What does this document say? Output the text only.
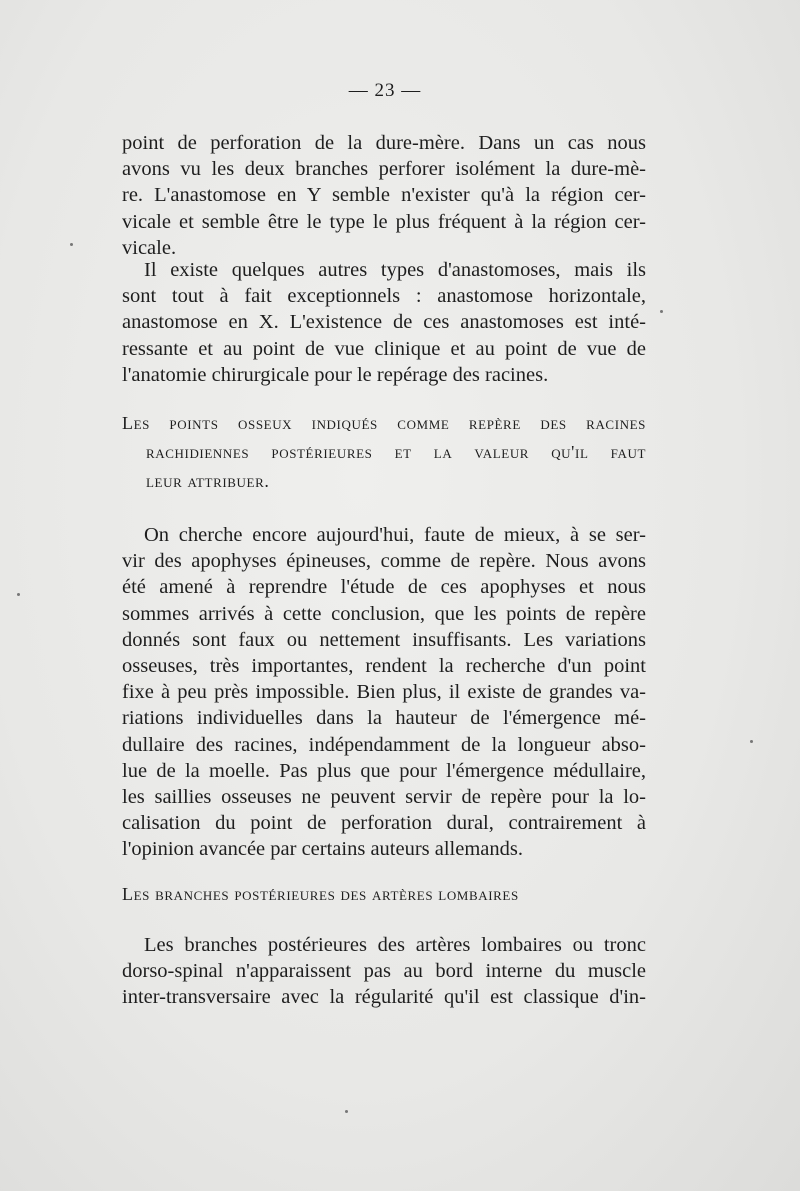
— 23 —
point de perforation de la dure-mère. Dans un cas nous
avons vu les deux branches perforer isolément la dure-mè-
re. L'anastomose en Y semble n'exister qu'à la région cer-
vicale et semble être le type le plus fréquent à la région cer-
vicale.
Il existe quelques autres types d'anastomoses, mais ils
sont tout à fait exceptionnels : anastomose horizontale,
anastomose en X. L'existence de ces anastomoses est inté-
ressante et au point de vue clinique et au point de vue de
l'anatomie chirurgicale pour le repérage des racines.
Les points osseux indiqués comme repère des racines
rachidiennes postérieures et la valeur qu'il faut
leur attribuer.
On cherche encore aujourd'hui, faute de mieux, à se ser-
vir des apophyses épineuses, comme de repère. Nous avons
été amené à reprendre l'étude de ces apophyses et nous
sommes arrivés à cette conclusion, que les points de repère
donnés sont faux ou nettement insuffisants. Les variations
osseuses, très importantes, rendent la recherche d'un point
fixe à peu près impossible. Bien plus, il existe de grandes va-
riations individuelles dans la hauteur de l'émergence mé-
dullaire des racines, indépendamment de la longueur abso-
lue de la moelle. Pas plus que pour l'émergence médullaire,
les saillies osseuses ne peuvent servir de repère pour la lo-
calisation du point de perforation dural, contrairement à
l'opinion avancée par certains auteurs allemands.
Les branches postérieures des artères lombaires
Les branches postérieures des artères lombaires ou tronc
dorso-spinal n'apparaissent pas au bord interne du muscle
inter-transversaire avec la régularité qu'il est classique d'in-
